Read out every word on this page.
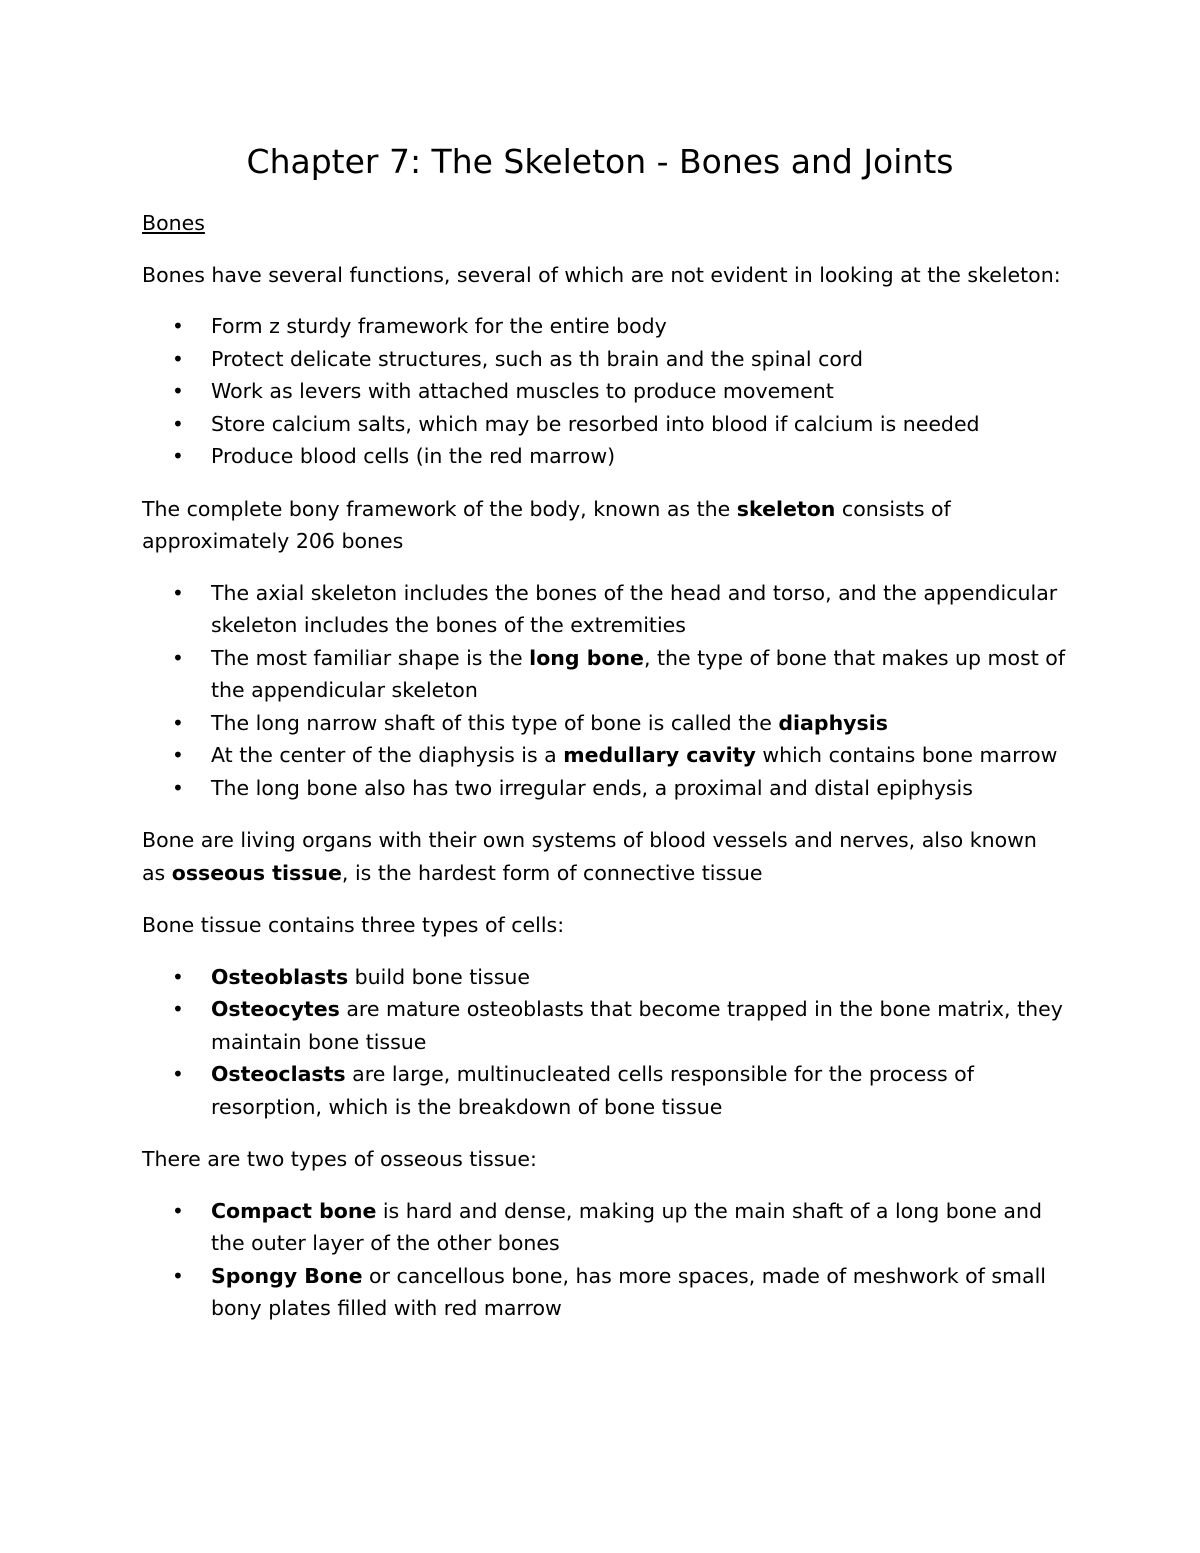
Chapter 7: The Skeleton - Bones and Joints

Bones

Bones have several functions, several of which are not evident in looking at the skeleton:

• Form z sturdy framework for the entire body
• Protect delicate structures, such as th brain and the spinal cord
• Work as levers with attached muscles to produce movement
• Store calcium salts, which may be resorbed into blood if calcium is needed
• Produce blood cells (in the red marrow)

The complete bony framework of the body, known as the skeleton consists of approximately 206 bones

• The axial skeleton includes the bones of the head and torso, and the appendicular skeleton includes the bones of the extremities
• The most familiar shape is the long bone, the type of bone that makes up most of the appendicular skeleton
• The long narrow shaft of this type of bone is called the diaphysis
• At the center of the diaphysis is a medullary cavity which contains bone marrow
• The long bone also has two irregular ends, a proximal and distal epiphysis

Bone are living organs with their own systems of blood vessels and nerves, also known
as osseous tissue, is the hardest form of connective tissue

Bone tissue contains three types of cells:

• Osteoblasts build bone tissue
• Osteocytes are mature osteoblasts that become trapped in the bone matrix, they maintain bone tissue
• Osteoclasts are large, multinucleated cells responsible for the process of resorption, which is the breakdown of bone tissue

There are two types of osseous tissue:

• Compact bone is hard and dense, making up the main shaft of a long bone and the outer layer of the other bones
• Spongy Bone or cancellous bone, has more spaces, made of meshwork of small bony plates filled with red marrow
